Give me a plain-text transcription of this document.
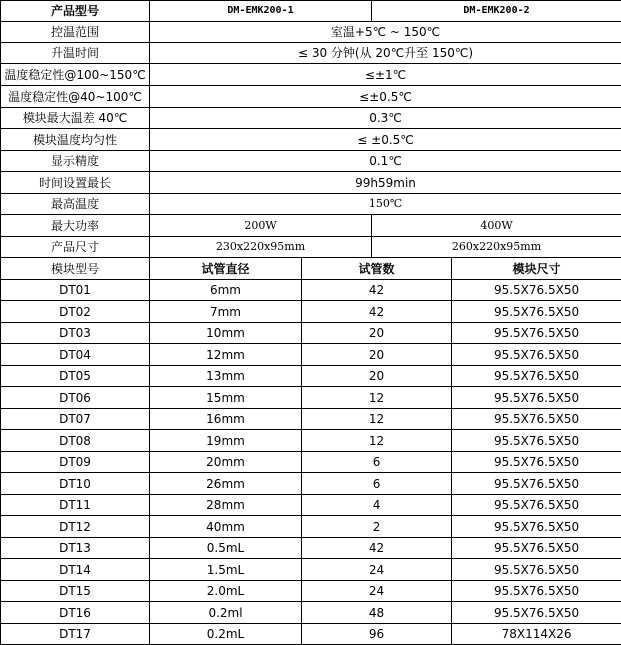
产品型号	DM-EMK200-1		DM-EMK200-2	
控温范围	室温+5℃ ~ 150℃			
升温时间	≤ 30 分钟(从 20℃升至 150℃)			
温度稳定性@100~150℃	≤±1℃			
温度稳定性@40~100℃	≤±0.5℃			
模块最大温差 40℃	0.3℃			
模块温度均匀性	≤ ±0.5℃			
显示精度	0.1℃			
时间设置最长	99h59min			
最高温度	150℃			
最大功率	200W		400W	
产品尺寸	230x220x95mm		260x220x95mm	
模块型号	试管直径	试管数		模块尺寸
DT01	6mm	42		95.5X76.5X50
DT02	7mm	42		95.5X76.5X50
DT03	10mm	20		95.5X76.5X50
DT04	12mm	20		95.5X76.5X50
DT05	13mm	20		95.5X76.5X50
DT06	15mm	12		95.5X76.5X50
DT07	16mm	12		95.5X76.5X50
DT08	19mm	12		95.5X76.5X50
DT09	20mm	6		95.5X76.5X50
DT10	26mm	6		95.5X76.5X50
DT11	28mm	4		95.5X76.5X50
DT12	40mm	2		95.5X76.5X50
DT13	0.5mL	42		95.5X76.5X50
DT14	1.5mL	24		95.5X76.5X50
DT15	2.0mL	24		95.5X76.5X50
DT16	0.2ml	48		95.5X76.5X50
DT17	0.2mL	96		78X114X26
